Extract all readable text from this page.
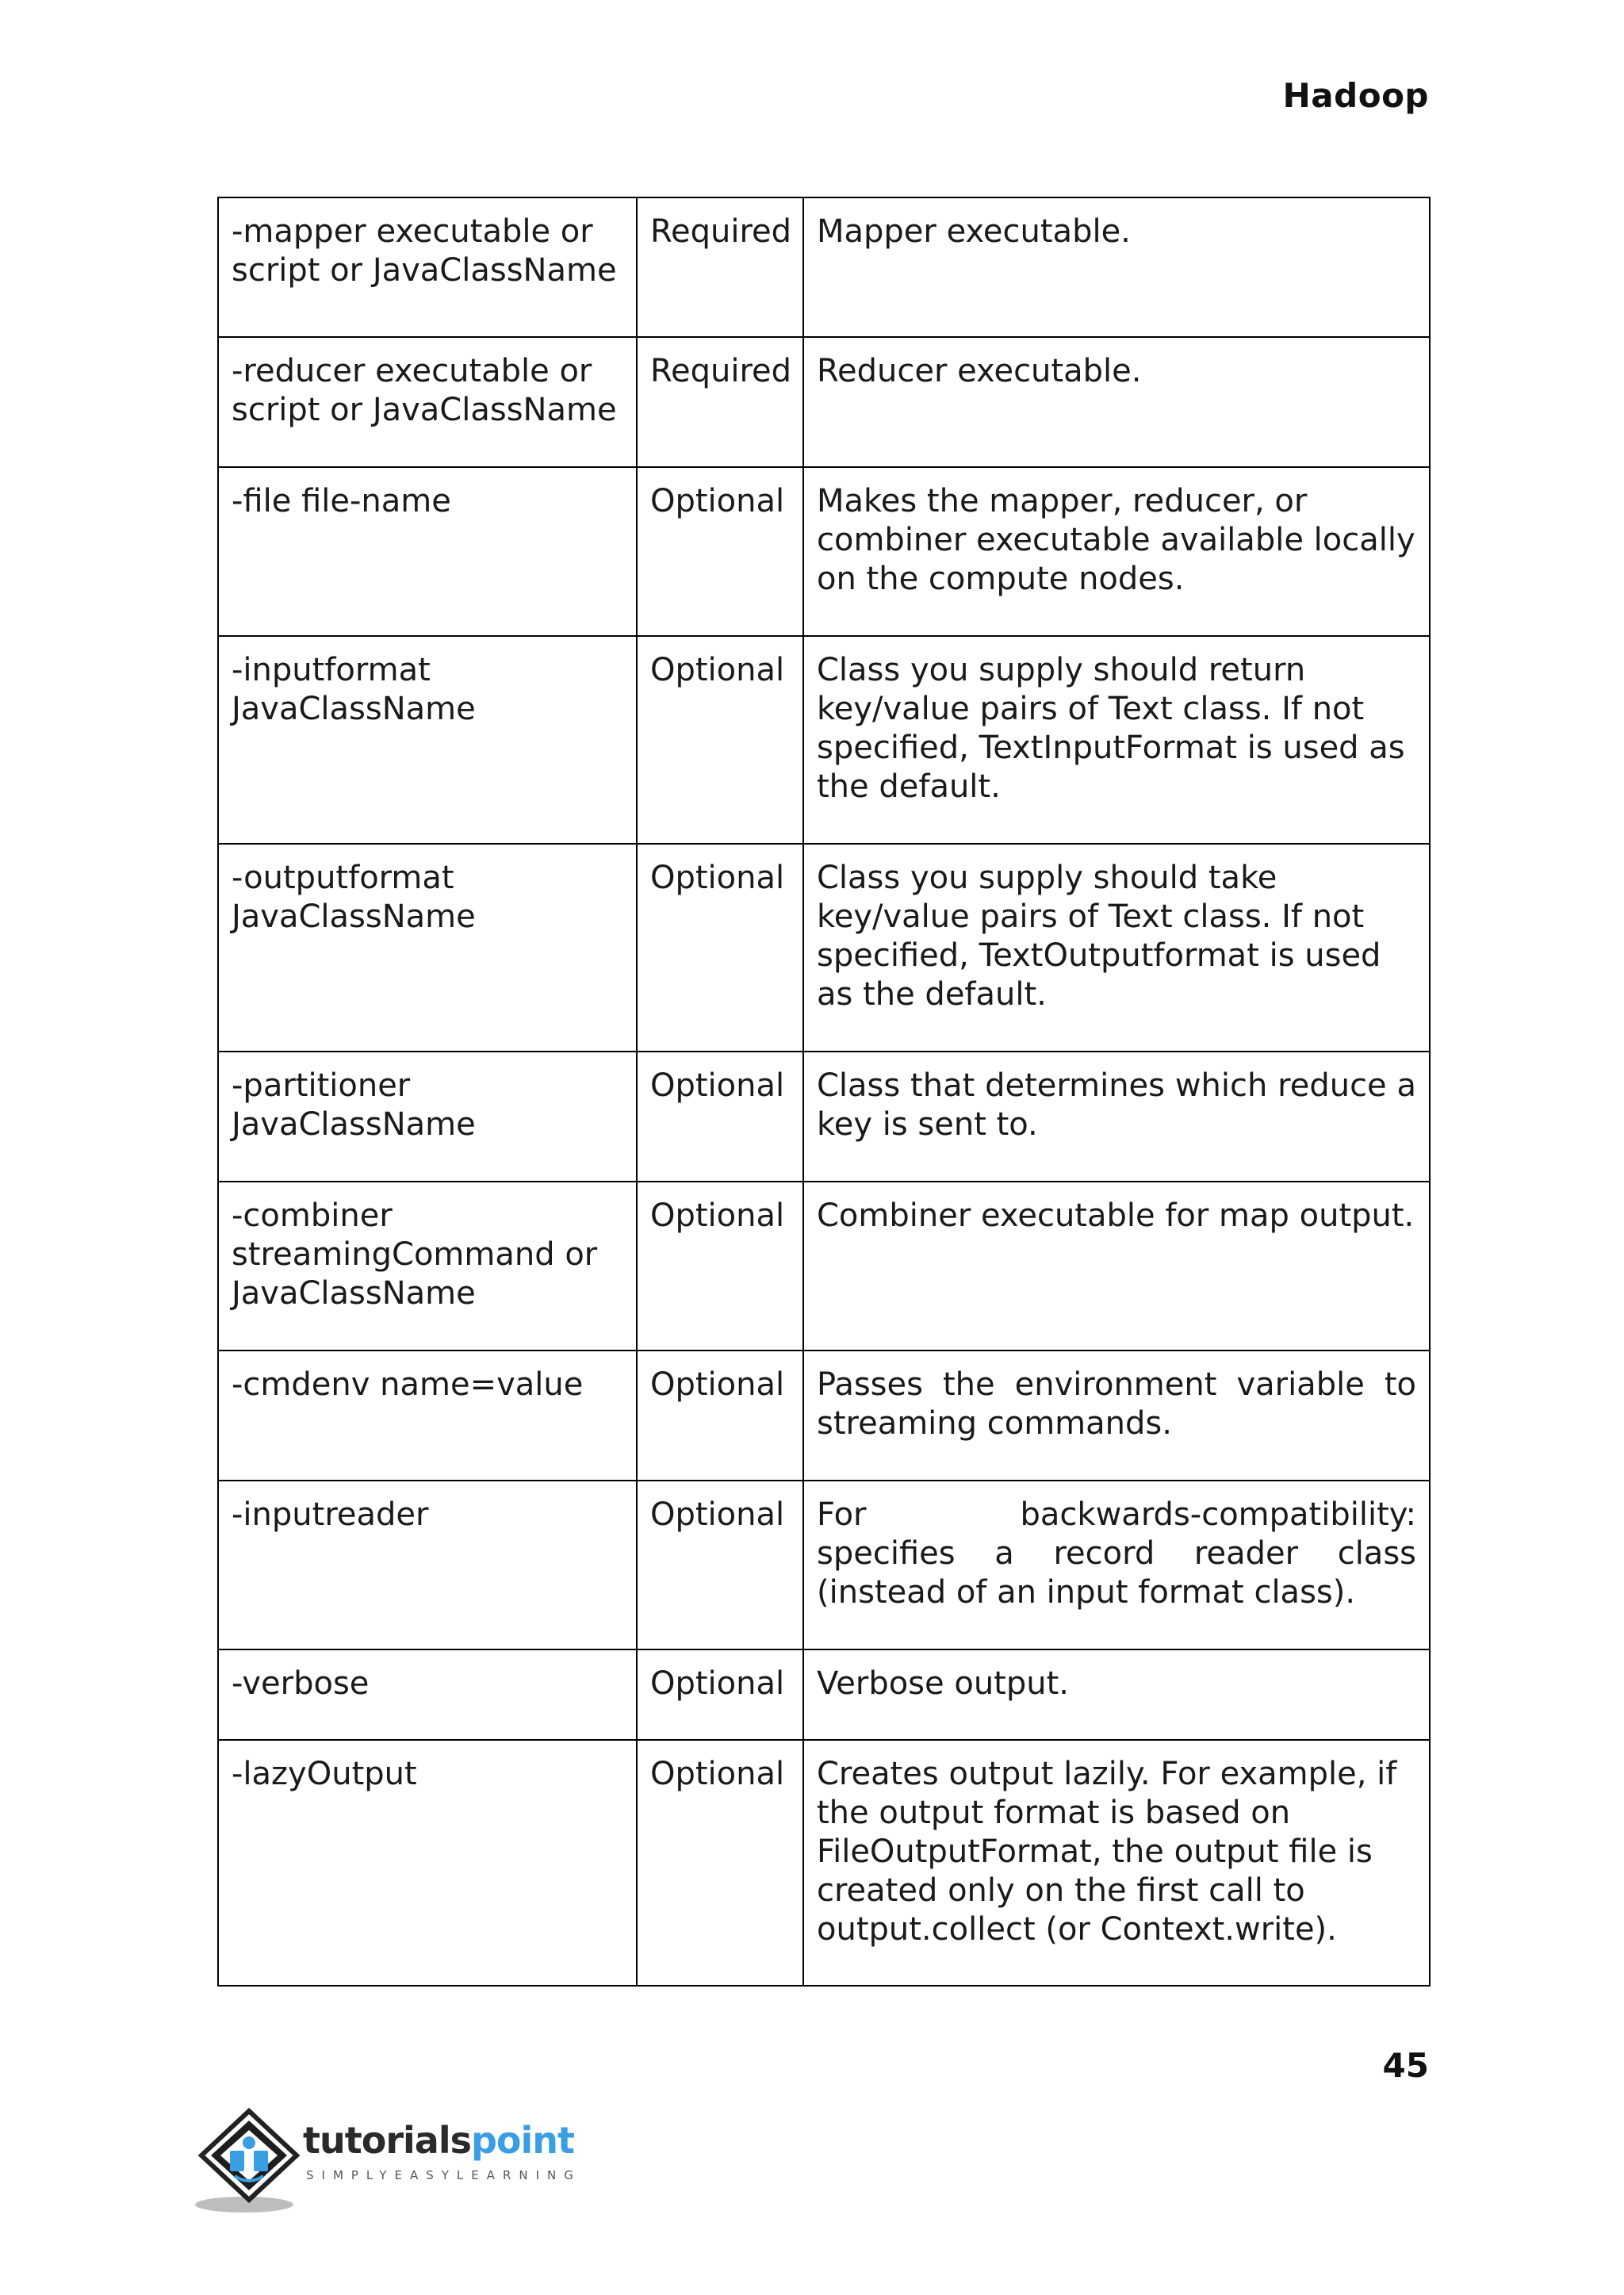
Hadoop
-mapper executable or script or JavaClassName	Required	Mapper executable.
-reducer executable or script or JavaClassName	Required	Reducer executable.
-file file-name	Optional	Makes the mapper, reducer, or combiner executable available locally on the compute nodes.
-inputformat JavaClassName	Optional	Class you supply should return key/value pairs of Text class. If not specified, TextInputFormat is used as the default.
-outputformat JavaClassName	Optional	Class you supply should take key/value pairs of Text class. If not specified, TextOutputformat is used as the default.
-partitioner JavaClassName	Optional	Class that determines which reduce a key is sent to.
-combiner streamingCommand or JavaClassName	Optional	Combiner executable for map output.
-cmdenv name=value	Optional	Passes the environment variable to streaming commands.
-inputreader	Optional	For backwards-compatibility: specifies a record reader class (instead of an input format class).
-verbose	Optional	Verbose output.
-lazyOutput	Optional	Creates output lazily. For example, if the output format is based on FileOutputFormat, the output file is created only on the first call to output.collect (or Context.write).
45
tutorialspoint
SIMPLYEASYLEARNING
